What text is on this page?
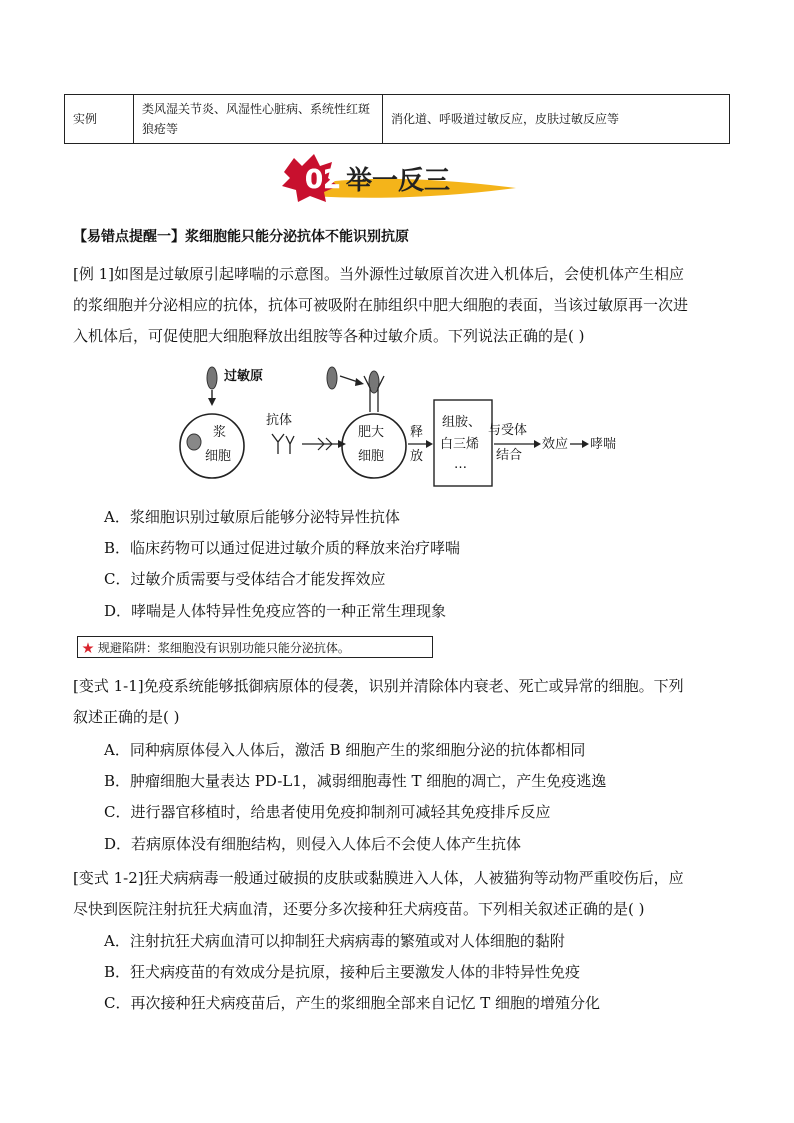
实例	类风湿关节炎、风湿性心脏病、系统性红斑狼疮等	消化道、呼吸道过敏反应，皮肤过敏反应等
02 举一反三
【易错点提醒一】浆细胞能只能分泌抗体不能识别抗原
[例 1]如图是过敏原引起哮喘的示意图。当外源性过敏原首次进入机体后，会使机体产生相应
的浆细胞并分泌相应的抗体，抗体可被吸附在肺组织中肥大细胞的表面，当该过敏原再一次进
入机体后，可促使肥大细胞释放出组胺等各种过敏介质。下列说法正确的是( )
过敏原
浆
细胞
抗体
肥大
细胞
释
放
组胺、
白三烯
…
与受体
结合
效应 哮喘
A．浆细胞识别过敏原后能够分泌特异性抗体
B．临床药物可以通过促进过敏介质的释放来治疗哮喘
C．过敏介质需要与受体结合才能发挥效应
D．哮喘是人体特异性免疫应答的一种正常生理现象
★ 规避陷阱：浆细胞没有识别功能只能分泌抗体。
[变式 1-1]免疫系统能够抵御病原体的侵袭，识别并清除体内衰老、死亡或异常的细胞。下列
叙述正确的是( )
A．同种病原体侵入人体后，激活 B 细胞产生的浆细胞分泌的抗体都相同
B．肿瘤细胞大量表达 PD-L1，减弱细胞毒性 T 细胞的凋亡，产生免疫逃逸
C．进行器官移植时，给患者使用免疫抑制剂可减轻其免疫排斥反应
D．若病原体没有细胞结构，则侵入人体后不会使人体产生抗体
[变式 1-2]狂犬病病毒一般通过破损的皮肤或黏膜进入人体，人被猫狗等动物严重咬伤后，应
尽快到医院注射抗狂犬病血清，还要分多次接种狂犬病疫苗。下列相关叙述正确的是( )
A．注射抗狂犬病血清可以抑制狂犬病病毒的繁殖或对人体细胞的黏附
B．狂犬病疫苗的有效成分是抗原，接种后主要激发人体的非特异性免疫
C．再次接种狂犬病疫苗后，产生的浆细胞全部来自记忆 T 细胞的增殖分化
